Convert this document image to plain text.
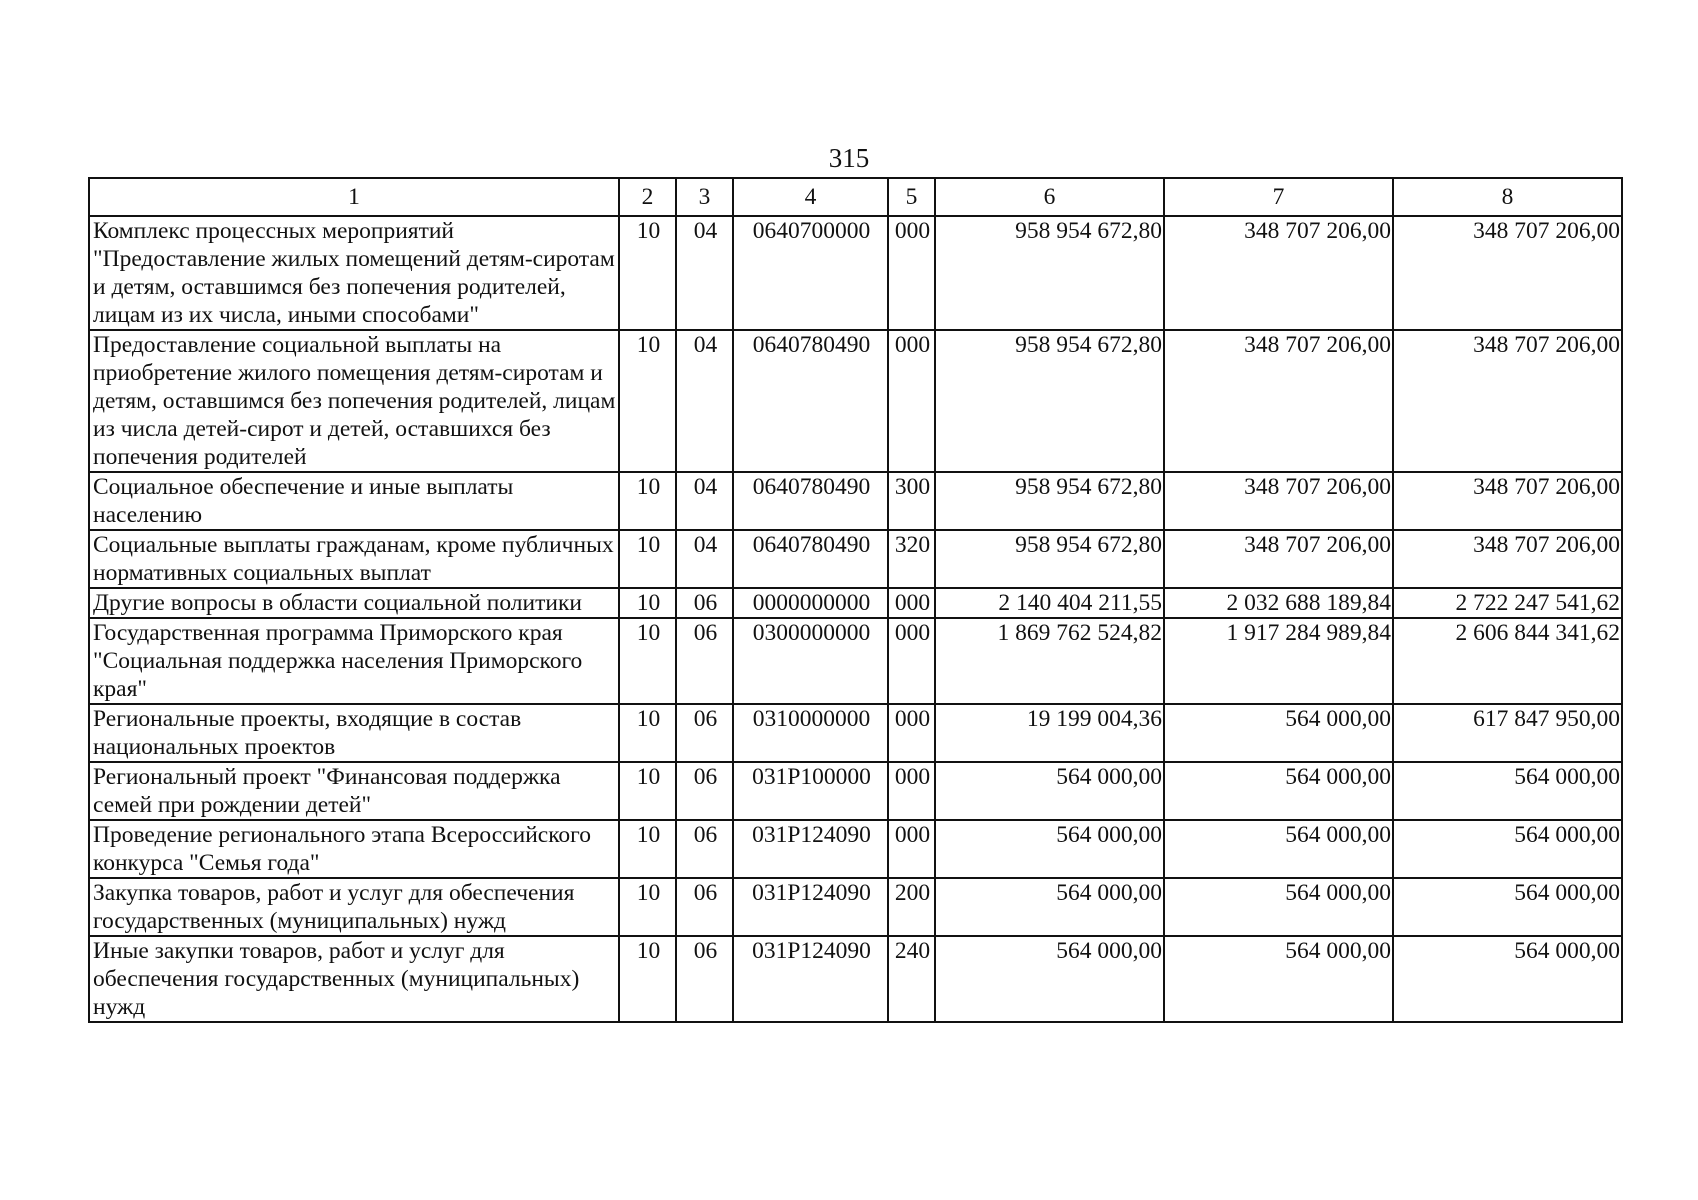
315
1	2	3	4	5	6	7	8
Комплекс процессных мероприятий "Предоставление жилых помещений детям-сиротам и детям, оставшимся без попечения родителей, лицам из их числа, иными способами"	10	04	0640700000	000	958 954 672,80	348 707 206,00	348 707 206,00
Предоставление социальной выплаты на приобретение жилого помещения детям-сиротам и детям, оставшимся без попечения родителей, лицам из числа детей-сирот и детей, оставшихся без попечения родителей	10	04	0640780490	000	958 954 672,80	348 707 206,00	348 707 206,00
Социальное обеспечение и иные выплаты населению	10	04	0640780490	300	958 954 672,80	348 707 206,00	348 707 206,00
Социальные выплаты гражданам, кроме публичных нормативных социальных выплат	10	04	0640780490	320	958 954 672,80	348 707 206,00	348 707 206,00
Другие вопросы в области социальной политики	10	06	0000000000	000	2 140 404 211,55	2 032 688 189,84	2 722 247 541,62
Государственная программа Приморского края "Социальная поддержка населения Приморского края"	10	06	0300000000	000	1 869 762 524,82	1 917 284 989,84	2 606 844 341,62
Региональные проекты, входящие в состав национальных проектов	10	06	0310000000	000	19 199 004,36	564 000,00	617 847 950,00
Региональный проект "Финансовая поддержка семей при рождении детей"	10	06	031P100000	000	564 000,00	564 000,00	564 000,00
Проведение регионального этапа Всероссийского конкурса "Семья года"	10	06	031P124090	000	564 000,00	564 000,00	564 000,00
Закупка товаров, работ и услуг для обеспечения государственных (муниципальных) нужд	10	06	031P124090	200	564 000,00	564 000,00	564 000,00
Иные закупки товаров, работ и услуг для обеспечения государственных (муниципальных) нужд	10	06	031P124090	240	564 000,00	564 000,00	564 000,00
